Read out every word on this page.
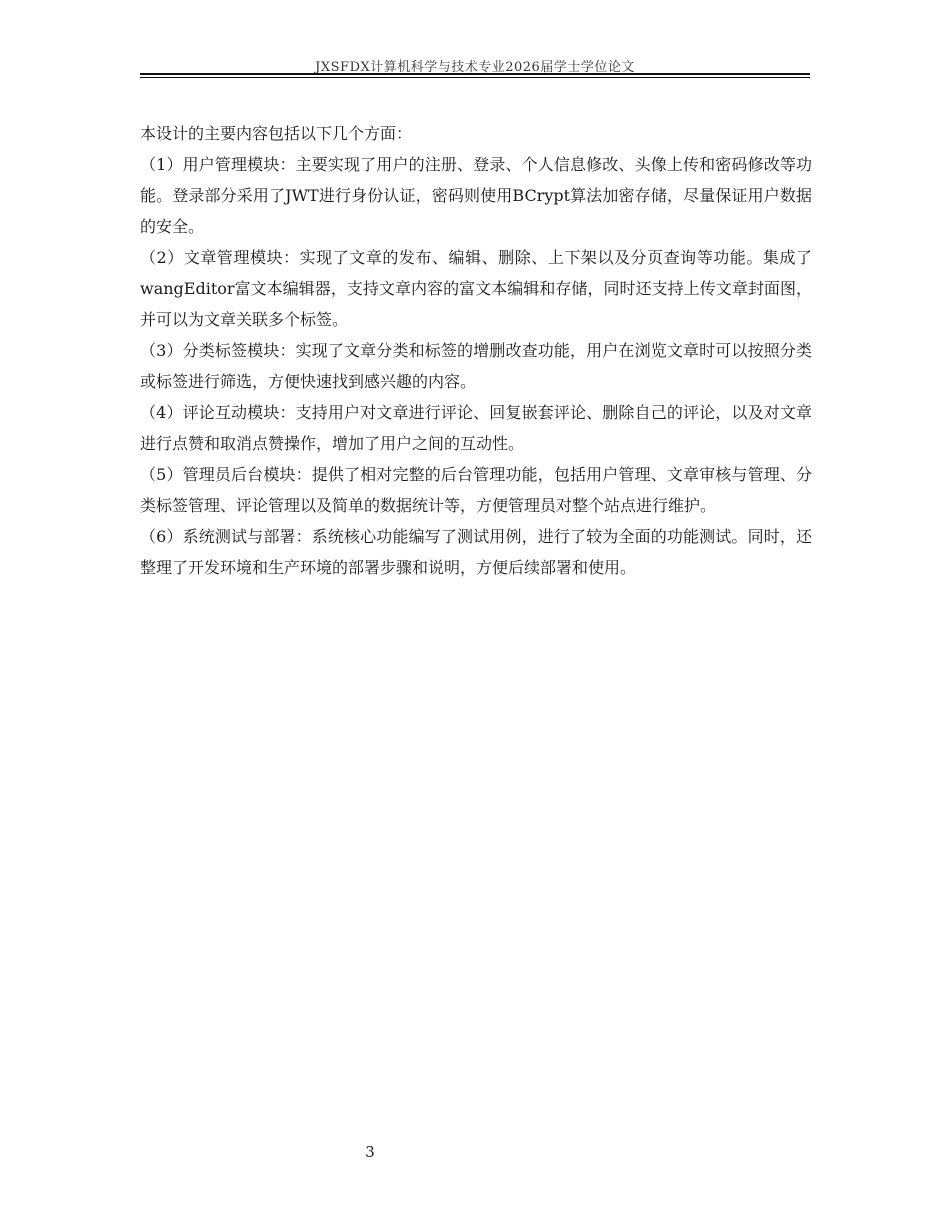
JXSFDX计算机科学与技术专业2026届学士学位论文

本设计的主要内容包括以下几个方面：

（1）用户管理模块：主要实现了用户的注册、登录、个人信息修改、头像上传和密码修改等功能。登录部分采用了JWT进行身份认证，密码则使用BCrypt算法加密存储，尽量保证用户数据的安全。

（2）文章管理模块：实现了文章的发布、编辑、删除、上下架以及分页查询等功能。集成了wangEditor富文本编辑器，支持文章内容的富文本编辑和存储，同时还支持上传文章封面图，并可以为文章关联多个标签。

（3）分类标签模块：实现了文章分类和标签的增删改查功能，用户在浏览文章时可以按照分类或标签进行筛选，方便快速找到感兴趣的内容。

（4）评论互动模块：支持用户对文章进行评论、回复嵌套评论、删除自己的评论，以及对文章进行点赞和取消点赞操作，增加了用户之间的互动性。

（5）管理员后台模块：提供了相对完整的后台管理功能，包括用户管理、文章审核与管理、分类标签管理、评论管理以及简单的数据统计等，方便管理员对整个站点进行维护。

（6）系统测试与部署：系统核心功能编写了测试用例，进行了较为全面的功能测试。同时，还整理了开发环境和生产环境的部署步骤和说明，方便后续部署和使用。

3
